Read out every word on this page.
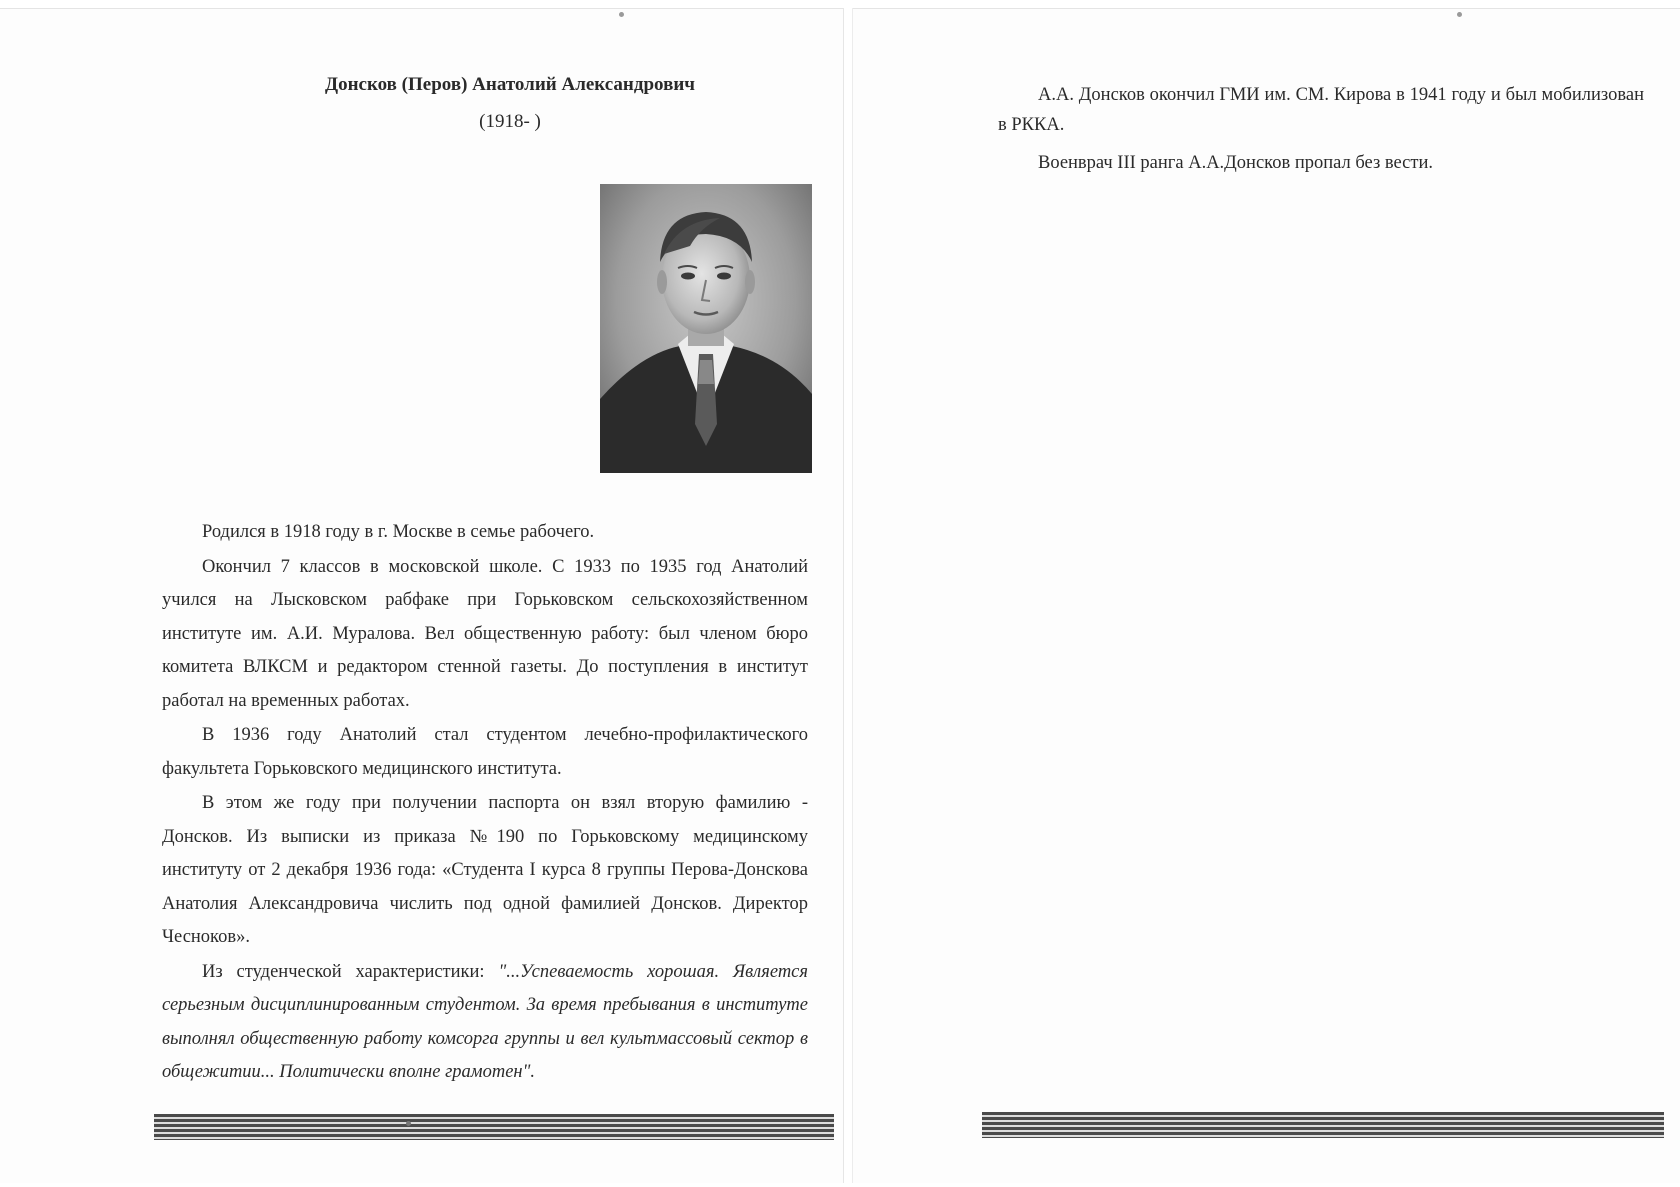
Донсков (Перов) Анатолий Александрович
(1918- )

Родился в 1918 году в г. Москве в семье рабочего.

Окончил 7 классов в московской школе. С 1933 по 1935 год Анатолий учился на Лысковском рабфаке при Горьковском сельскохозяйственном институте им. А.И. Муралова. Вел общественную работу: был членом бюро комитета ВЛКСМ и редактором стенной газеты. До поступления в институт работал на временных работах.

В 1936 году Анатолий стал студентом лечебно-профилактического факультета Горьковского медицинского института.

В этом же году при получении паспорта он взял вторую фамилию - Донсков. Из выписки из приказа №190 по Горьковскому медицинскому институту от 2 декабря 1936 года: «Студента I курса 8 группы Перова-Донскова Анатолия Александровича числить под одной фамилией Донсков. Директор Чесноков».

Из студенческой характеристики: "...Успеваемость хорошая. Является серьезным дисциплинированным студентом. За время пребывания в институте выполнял общественную работу комсорга группы и вел культмассовый сектор в общежитии... Политически вполне грамотен".

А.А. Донсков окончил ГМИ им. СМ. Кирова в 1941 году и был мобилизован в РККА.

Военврач III ранга А.А.Донсков пропал без вести.
